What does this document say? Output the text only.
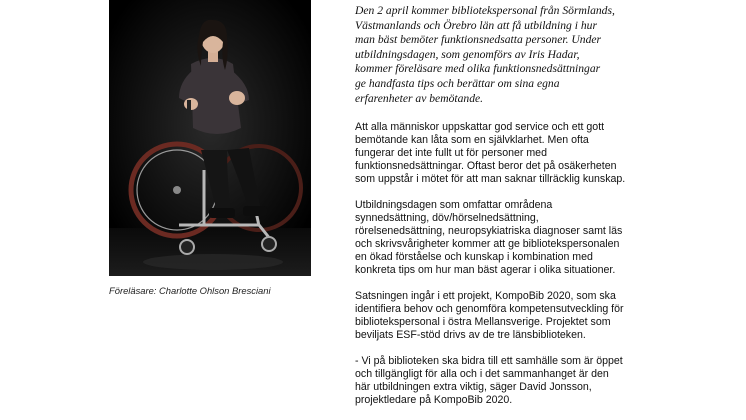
Föreläsare: Charlotte Ohlson Bresciani

Den 2 april kommer bibliotekspersonal från Sörmlands,
Västmanlands och Örebro län att få utbildning i hur
man bäst bemöter funktionsnedsatta personer. Under
utbildningsdagen, som genomförs av Iris Hadar,
kommer föreläsare med olika funktionsnedsättningar
ge handfasta tips och berättar om sina egna
erfarenheter av bemötande.

Att alla människor uppskattar god service och ett gott
bemötande kan låta som en självklarhet. Men ofta
fungerar det inte fullt ut för personer med
funktionsnedsättningar. Oftast beror det på osäkerheten
som uppstår i mötet för att man saknar tillräcklig kunskap.

Utbildningsdagen som omfattar områdena
synnedsättning, döv/hörselnedsättning,
rörelsenedsättning, neuropsykiatriska diagnoser samt läs
och skrivsvårigheter kommer att ge bibliotekspersonalen
en ökad förståelse och kunskap i kombination med
konkreta tips om hur man bäst agerar i olika situationer.

Satsningen ingår i ett projekt, KompoBib 2020, som ska
identifiera behov och genomföra kompetensutveckling för
bibliotekspersonal i östra Mellansverige. Projektet som
beviljats ESF-stöd drivs av de tre länsbiblioteken.

- Vi på biblioteken ska bidra till ett samhälle som är öppet
och tillgängligt för alla och i det sammanhanget är den
här utbildningen extra viktig, säger David Jonsson,
projektledare på KompoBib 2020.
